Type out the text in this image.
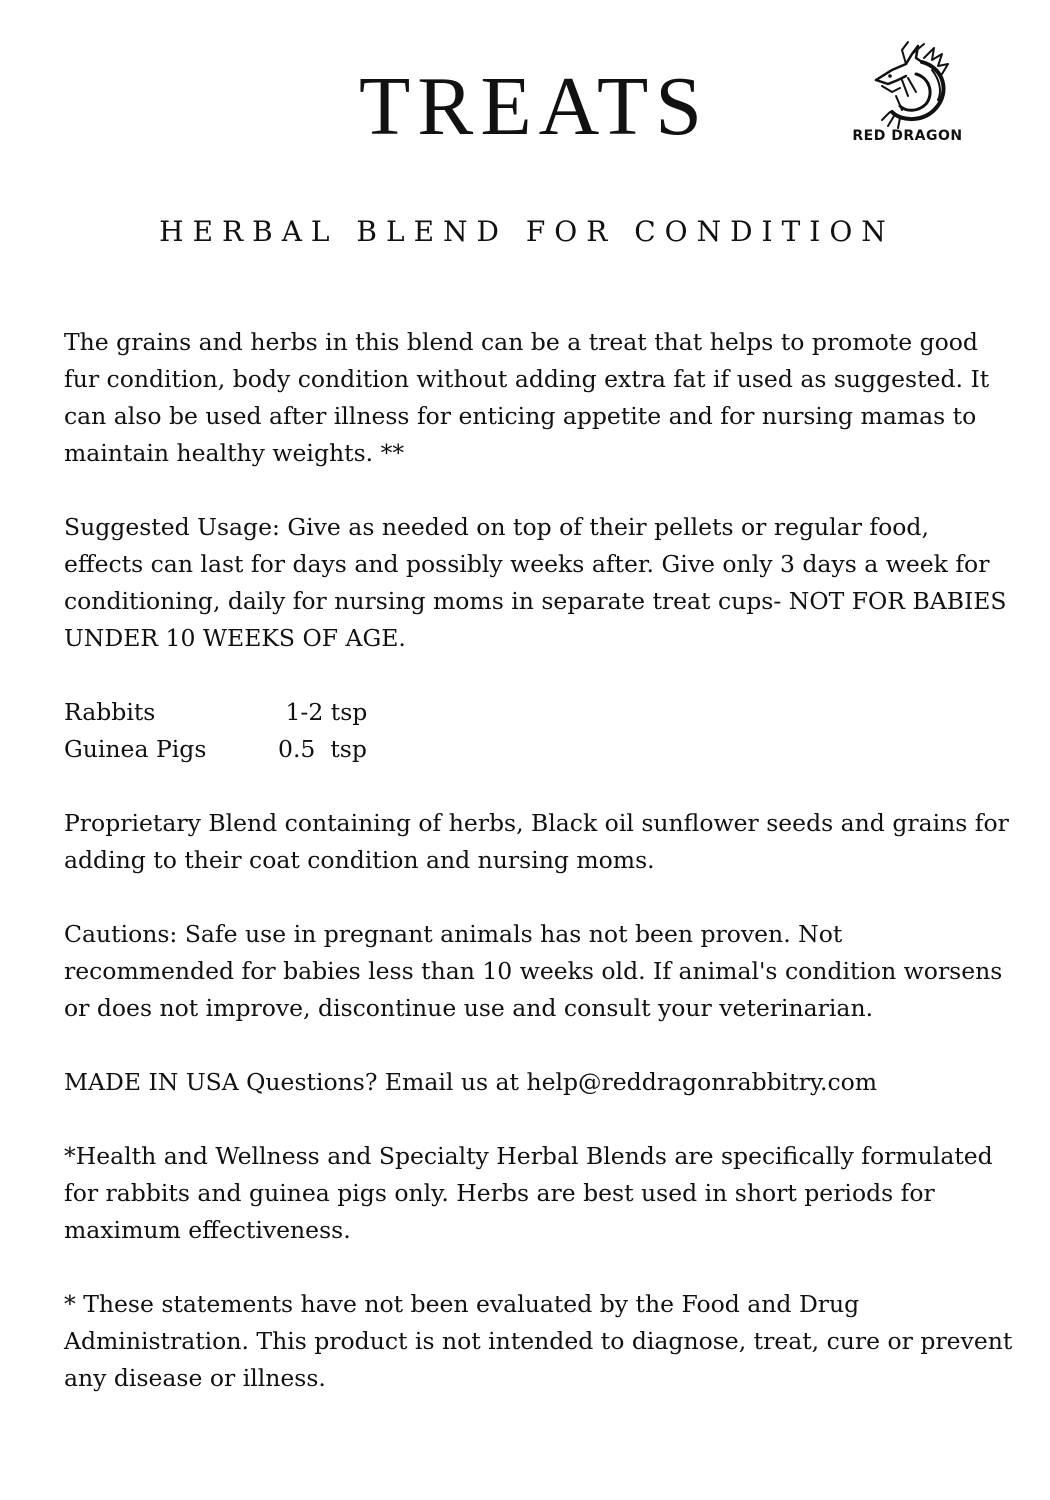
TREATS	RED DRAGON
HERBAL BLEND FOR CONDITION

The grains and herbs in this blend can be a treat that helps to promote good fur condition, body condition without adding extra fat if used as suggested. It can also be used after illness for enticing appetite and for nursing mamas to maintain healthy weights. **

Suggested Usage: Give as needed on top of their pellets or regular food, effects can last for days and possibly weeks after. Give only 3 days a week for conditioning, daily for nursing moms in separate treat cups- NOT FOR BABIES UNDER 10 WEEKS OF AGE.

Rabbits	1-2 tsp
Guinea Pigs	0.5  tsp

Proprietary Blend containing of herbs, Black oil sunflower seeds and grains for adding to their coat condition and nursing moms.

Cautions: Safe use in pregnant animals has not been proven. Not recommended for babies less than 10 weeks old. If animal's condition worsens or does not improve, discontinue use and consult your veterinarian.

MADE IN USA Questions? Email us at help@reddragonrabbitry.com

*Health and Wellness and Specialty Herbal Blends are specifically formulated for rabbits and guinea pigs only. Herbs are best used in short periods for maximum effectiveness.

* These statements have not been evaluated by the Food and Drug Administration. This product is not intended to diagnose, treat, cure or prevent any disease or illness.
